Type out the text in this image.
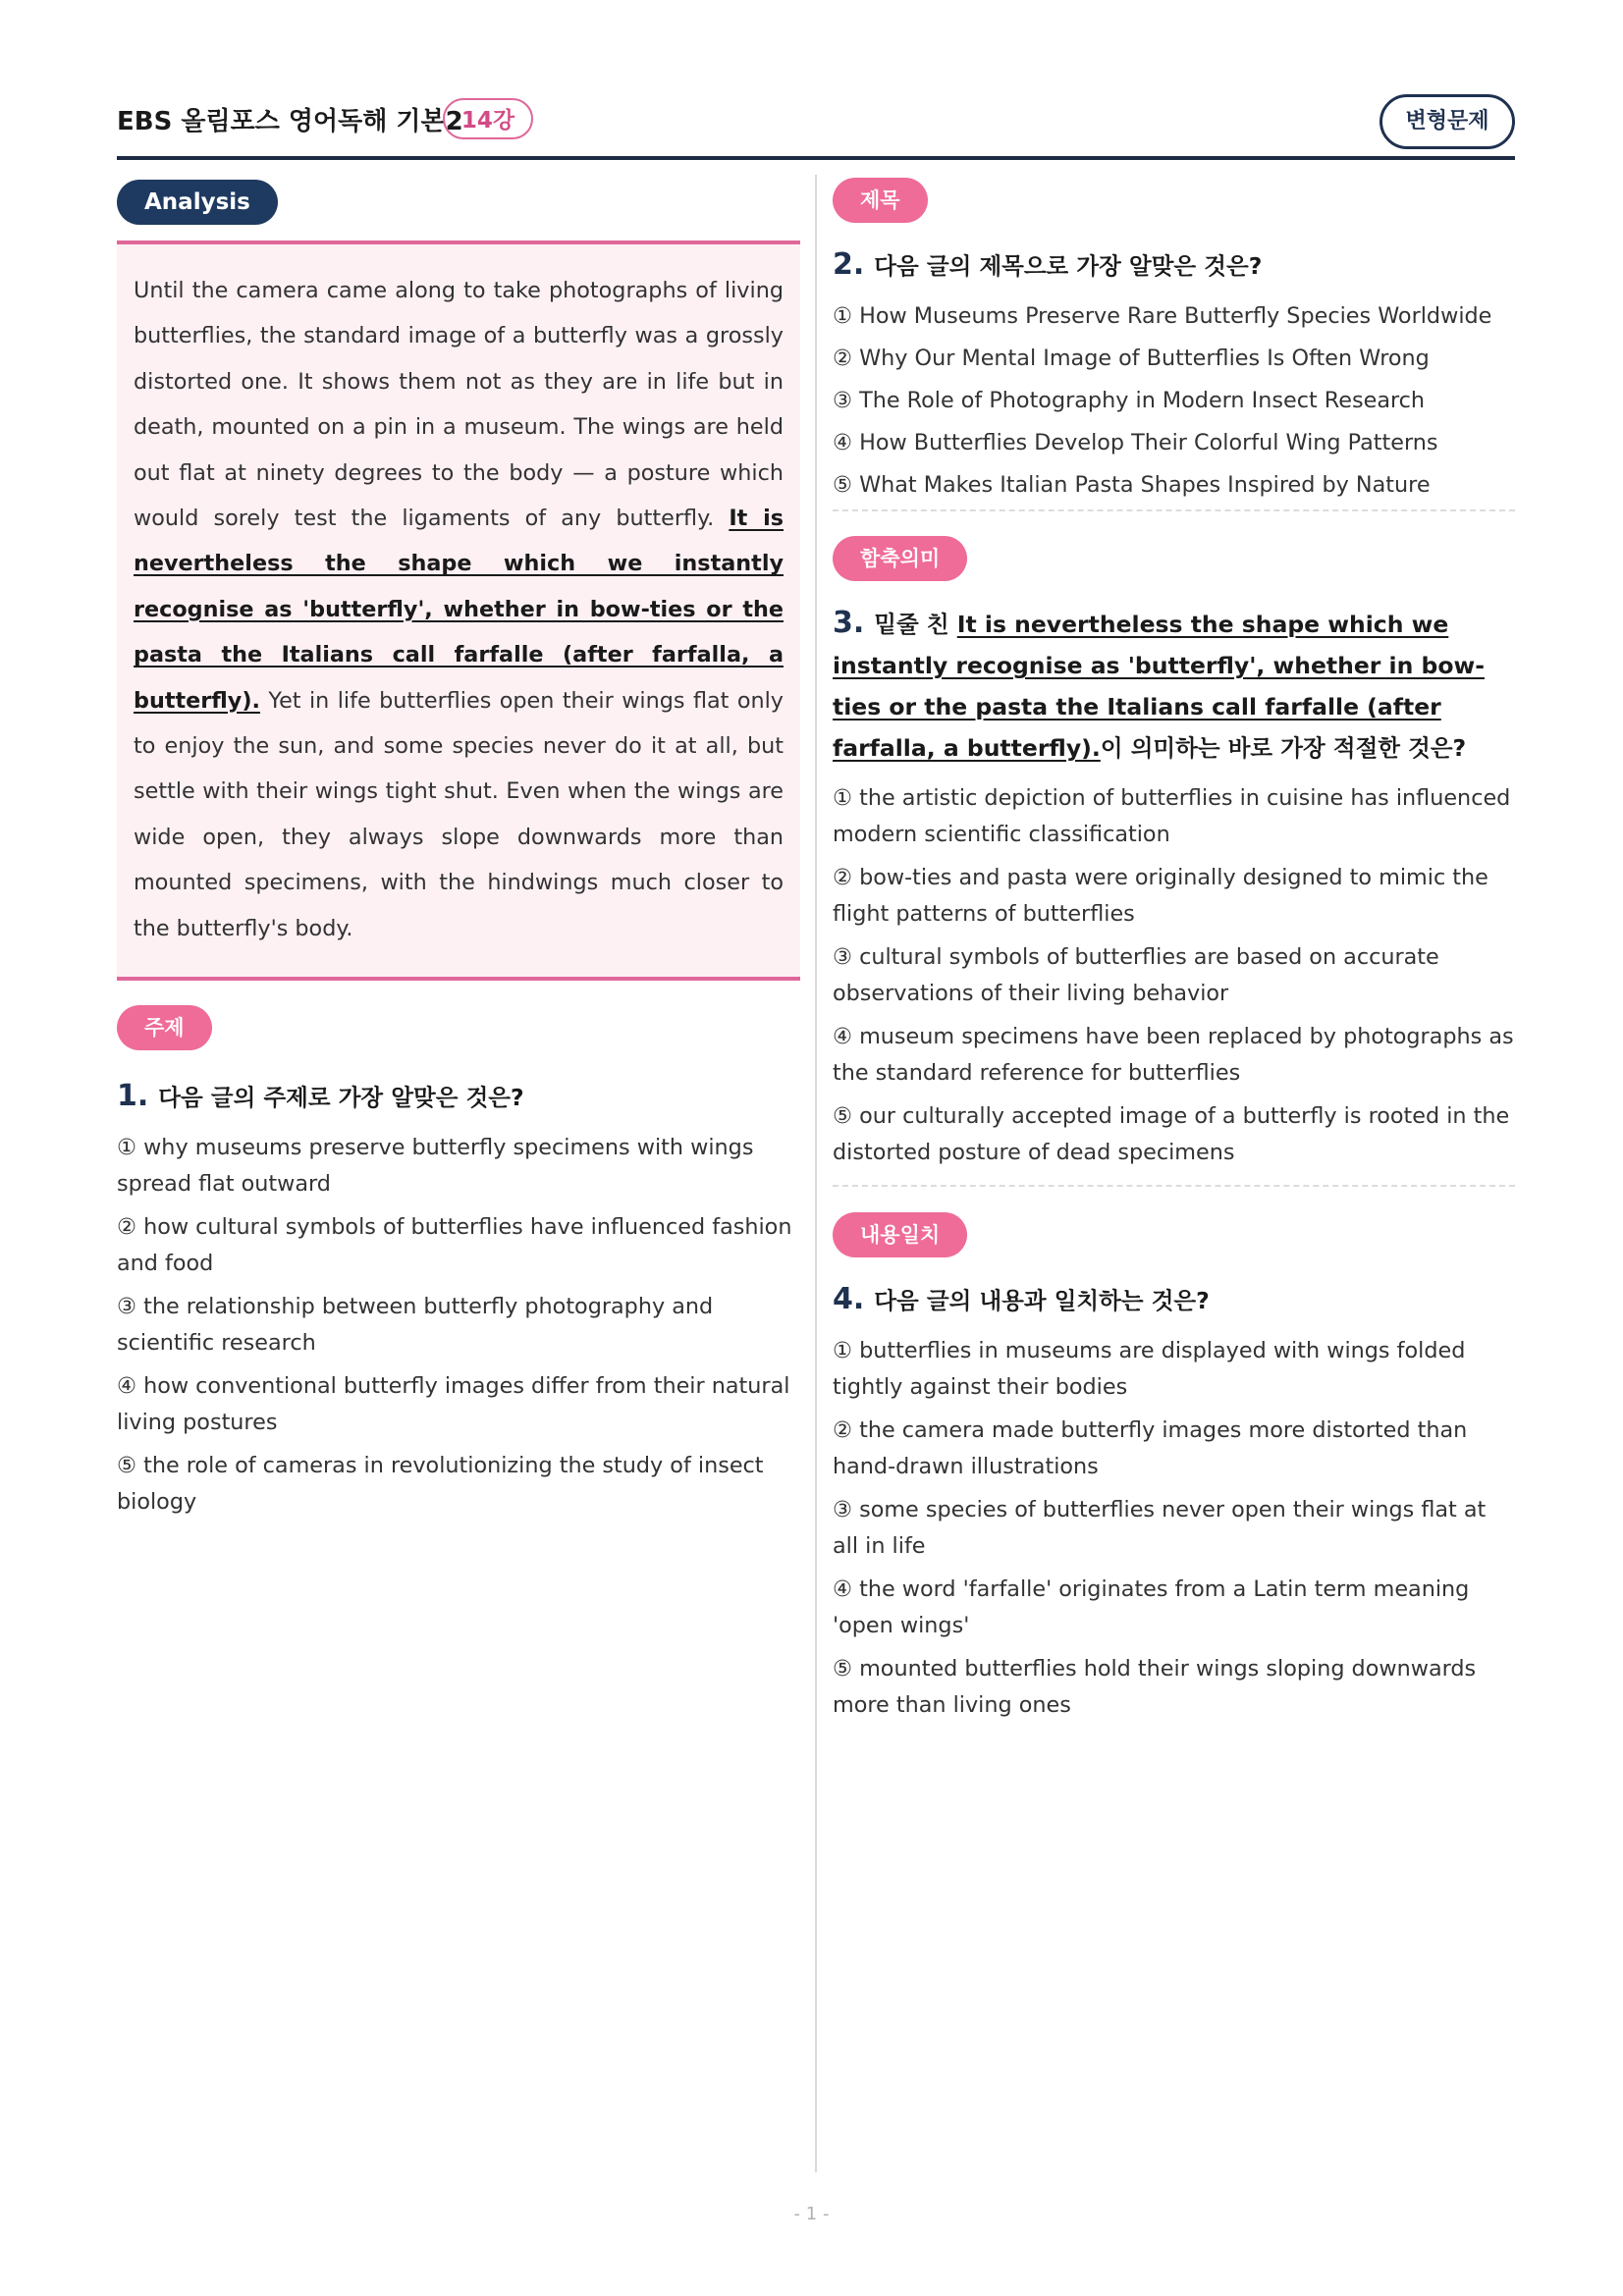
EBS 올림포스 영어독해 기본2
14강	변형문제
Analysis
Until the camera came along to take photographs of living butterflies, the standard image of a butterfly was a grossly distorted one. It shows them not as they are in life but in death, mounted on a pin in a museum. The wings are held out flat at ninety degrees to the body — a posture which would sorely test the ligaments of any butterfly. It is nevertheless the shape which we instantly recognise as 'butterfly', whether in bow-ties or the pasta the Italians call farfalle (after farfalla, a butterfly). Yet in life butterflies open their wings flat only to enjoy the sun, and some species never do it at all, but settle with their wings tight shut. Even when the wings are wide open, they always slope downwards more than mounted specimens, with the hindwings much closer to the butterfly's body.
주제
1. 다음 글의 주제로 가장 알맞은 것은?
① why museums preserve butterfly specimens with wings spread flat outward
② how cultural symbols of butterflies have influenced fashion and food
③ the relationship between butterfly photography and scientific research
④ how conventional butterfly images differ from their natural living postures
⑤ the role of cameras in revolutionizing the study of insect biology
제목
2. 다음 글의 제목으로 가장 알맞은 것은?
① How Museums Preserve Rare Butterfly Species Worldwide
② Why Our Mental Image of Butterflies Is Often Wrong
③ The Role of Photography in Modern Insect Research
④ How Butterflies Develop Their Colorful Wing Patterns
⑤ What Makes Italian Pasta Shapes Inspired by Nature
함축의미
3. 밑줄 친 It is nevertheless the shape which we instantly recognise as 'butterfly', whether in bow-ties or the pasta the Italians call farfalle (after farfalla, a butterfly).이 의미하는 바로 가장 적절한 것은?
① the artistic depiction of butterflies in cuisine has influenced modern scientific classification
② bow-ties and pasta were originally designed to mimic the flight patterns of butterflies
③ cultural symbols of butterflies are based on accurate observations of their living behavior
④ museum specimens have been replaced by photographs as the standard reference for butterflies
⑤ our culturally accepted image of a butterfly is rooted in the distorted posture of dead specimens
내용일치
4. 다음 글의 내용과 일치하는 것은?
① butterflies in museums are displayed with wings folded tightly against their bodies
② the camera made butterfly images more distorted than hand-drawn illustrations
③ some species of butterflies never open their wings flat at all in life
④ the word 'farfalle' originates from a Latin term meaning 'open wings'
⑤ mounted butterflies hold their wings sloping downwards more than living ones
- 1 -
